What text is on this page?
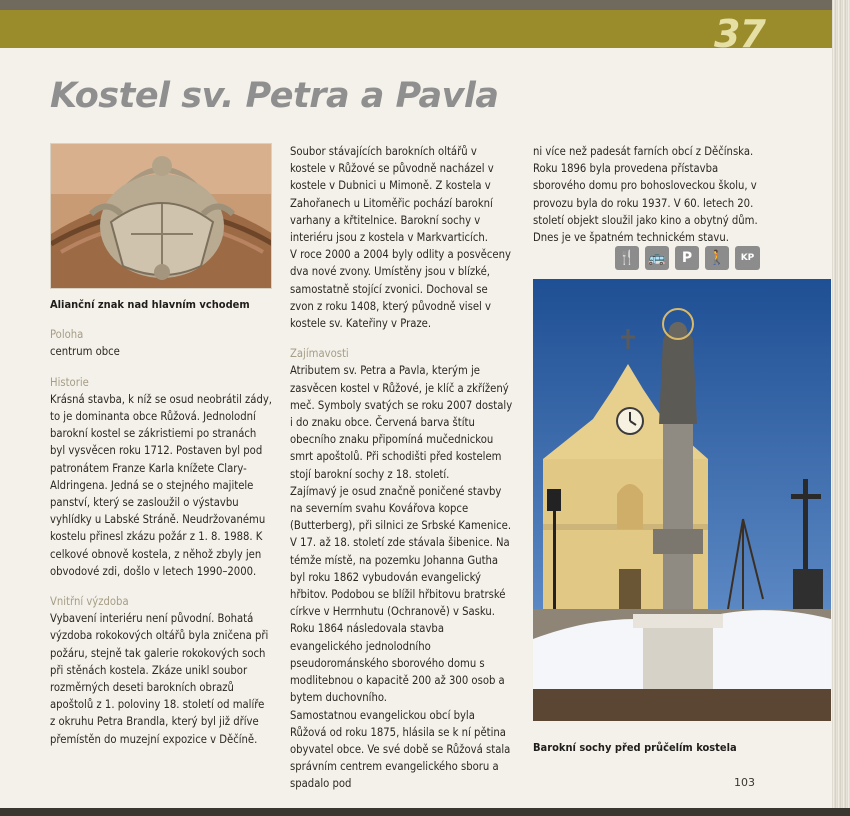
37
Kostel sv. Petra a Pavla

Alianční znak nad hlavním vchodem

Poloha

centrum obce

Historie

Krásná stavba, k níž se osud neobrátil zády, to je dominanta obce Růžová. Jednolodní barokní kostel se zákristiemi po stranách byl vysvěcen roku 1712. Postaven byl pod patronátem Franze Karla knížete Clary-Aldringena. Jedná se o stejného majitele panství, který se zasloužil o výstavbu vyhlídky u Labské Stráně. Neudržovanému kostelu přinesl zkázu požár z 1. 8. 1988. K celkové obnově kostela, z něhož zbyly jen obvodové zdi, došlo v letech 1990–2000.

Vnitřní výzdoba

Vybavení interiéru není původní. Bohatá výzdoba rokokových oltářů byla zničena při požáru, stejně tak galerie rokokových soch při stěnách kostela. Zkáze unikl soubor rozměrných deseti barokních obrazů apoštolů z 1. poloviny 18. století od malíře z okruhu Petra Brandla, který byl již dříve přemístěn do muzejní expozice v Děčíně.

Soubor stávajících barokních oltářů v kostele v Růžové se původně nacházel v kostele v Dubnici u Mimoně. Z kostela v Zahořanech u Litoměřic pochází barokní varhany a křtitelnice. Barokní sochy v interiéru jsou z kostela v Markvarticích.

V roce 2000 a 2004 byly odlity a posvěceny dva nové zvony. Umístěny jsou v blízké, samostatně stojící zvonici. Dochoval se zvon z roku 1408, který původně visel v kostele sv. Kateřiny v Praze.

Zajímavosti

Atributem sv. Petra a Pavla, kterým je zasvěcen kostel v Růžové, je klíč a zkřížený meč. Symboly svatých se roku 2007 dostaly i do znaku obce. Červená barva štítu obecního znaku připomíná mučednickou smrt apoštolů. Při schodišti před kostelem stojí barokní sochy z 18. století.

Zajímavý je osud značně poničené stavby na severním svahu Kovářova kopce (Butterberg), při silnici ze Srbské Kamenice. V 17. až 18. století zde stávala šibenice. Na témže místě, na pozemku Johanna Gutha byl roku 1862 vybudován evangelický hřbitov. Podobou se blížil hřbitovu bratrské církve v Herrnhutu (Ochranově) v Sasku.

Roku 1864 následovala stavba evangelického jednolodního pseudorománského sborového domu s modlitebnou o kapacitě 200 až 300 osob a bytem duchovního.

Samostatnou evangelickou obcí byla Růžová od roku 1875, hlásila se k ní pětina obyvatel obce. Ve své době se Růžová stala správním centrem evangelického sboru a spadalo pod

ni více než padesát farních obcí z Děčínska. Roku 1896 byla provedena přístavba sborového domu pro bohosloveckou školu, v provozu byla do roku 1937. V 60. letech 20. století objekt sloužil jako kino a obytný dům. Dnes je ve špatném technickém stavu.

🍴 🚌	P	🚶	KP

Barokní sochy před průčelím kostela

103
